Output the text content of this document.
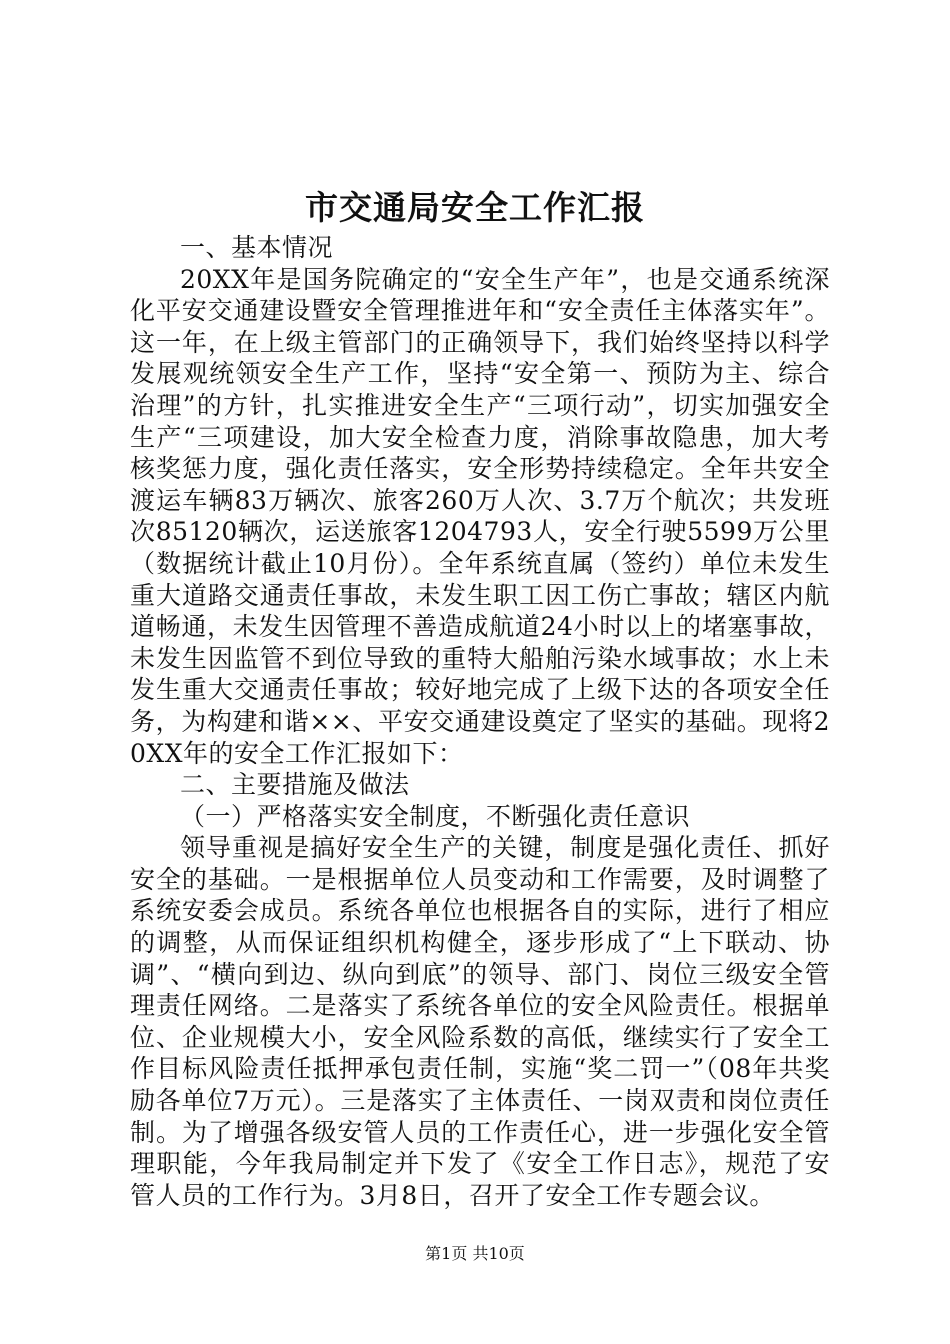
市交通局安全工作汇报

一、基本情况

20XX年是国务院确定的“安全生产年”，也是交通系统深化平安交通建设暨安全管理推进年和“安全责任主体落实年”。这一年，在上级主管部门的正确领导下，我们始终坚持以科学发展观统领安全生产工作，坚持“安全第一、预防为主、综合治理”的方针，扎实推进安全生产“三项行动”，切实加强安全生产“三项建设，加大安全检查力度，消除事故隐患，加大考核奖惩力度，强化责任落实，安全形势持续稳定。全年共安全渡运车辆83万辆次、旅客260万人次、3.7万个航次；共发班次85120辆次，运送旅客1204793人，安全行驶5599万公里（数据统计截止10月份）。全年系统直属（签约）单位未发生重大道路交通责任事故，未发生职工因工伤亡事故；辖区内航道畅通，未发生因管理不善造成航道24小时以上的堵塞事故，未发生因监管不到位导致的重特大船舶污染水域事故；水上未发生重大交通责任事故；较好地完成了上级下达的各项安全任务，为构建和谐××、平安交通建设奠定了坚实的基础。现将20XX年的安全工作汇报如下：

二、主要措施及做法

（一）严格落实安全制度，不断强化责任意识

领导重视是搞好安全生产的关键，制度是强化责任、抓好安全的基础。一是根据单位人员变动和工作需要，及时调整了系统安委会成员。系统各单位也根据各自的实际，进行了相应的调整，从而保证组织机构健全，逐步形成了“上下联动、协调”、“横向到边、纵向到底”的领导、部门、岗位三级安全管理责任网络。二是落实了系统各单位的安全风险责任。根据单位、企业规模大小，安全风险系数的高低，继续实行了安全工作目标风险责任抵押承包责任制，实施“奖二罚一”（08年共奖励各单位7万元）。三是落实了主体责任、一岗双责和岗位责任制。为了增强各级安管人员的工作责任心，进一步强化安全管理职能，今年我局制定并下发了《安全工作日志》，规范了安管人员的工作行为。3月8日，召开了安全工作专题会议。

第1页 共10页
